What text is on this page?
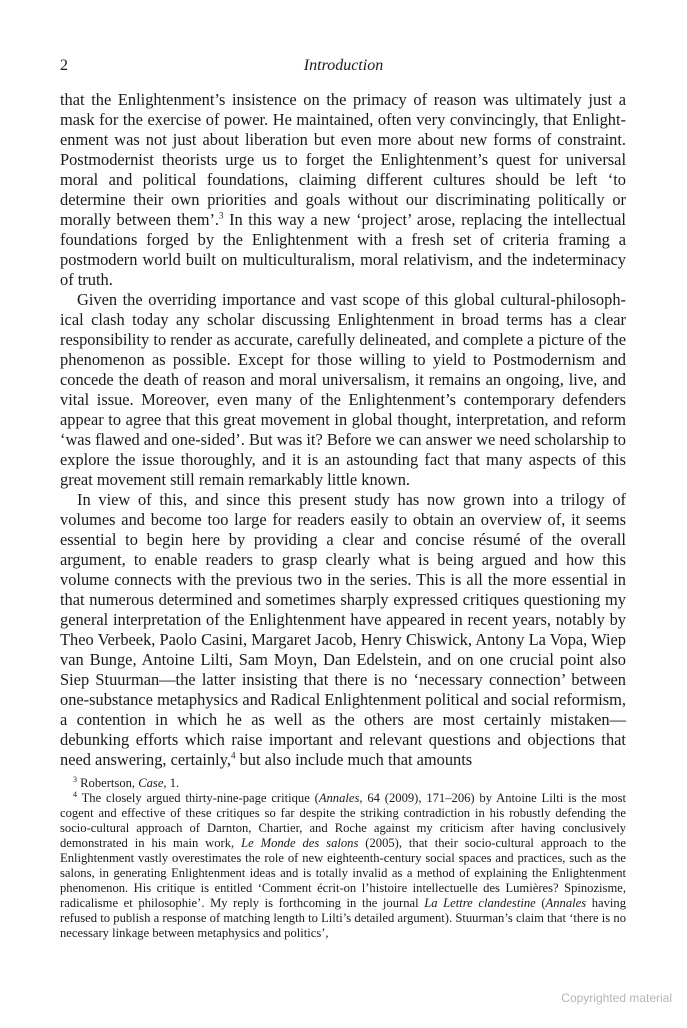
2	Introduction

that the Enlightenment’s insistence on the primacy of reason was ultimately just a mask for the exercise of power. He maintained, often very convincingly, that Enlightenment was not just about liberation but even more about new forms of constraint. Postmodernist theorists urge us to forget the Enlightenment’s quest for universal moral and political foundations, claiming different cultures should be left ‘to determine their own priorities and goals without our discriminating politically or morally between them’.$^3$ In this way a new ‘project’ arose, replacing the intellectual foundations forged by the Enlightenment with a fresh set of criteria framing a postmodern world built on multiculturalism, moral relativism, and the indeterminacy of truth.

Given the overriding importance and vast scope of this global cultural-philosophical clash today any scholar discussing Enlightenment in broad terms has a clear responsibility to render as accurate, carefully delineated, and complete a picture of the phenomenon as possible. Except for those willing to yield to Postmodernism and concede the death of reason and moral universalism, it remains an ongoing, live, and vital issue. Moreover, even many of the Enlightenment’s contemporary defenders appear to agree that this great movement in global thought, interpretation, and reform ‘was flawed and one-sided’. But was it? Before we can answer we need scholarship to explore the issue thoroughly, and it is an astounding fact that many aspects of this great movement still remain remarkably little known.

In view of this, and since this present study has now grown into a trilogy of volumes and become too large for readers easily to obtain an overview of, it seems essential to begin here by providing a clear and concise résumé of the overall argument, to enable readers to grasp clearly what is being argued and how this volume connects with the previous two in the series. This is all the more essential in that numerous determined and sometimes sharply expressed critiques questioning my general interpretation of the Enlightenment have appeared in recent years, notably by Theo Verbeek, Paolo Casini, Margaret Jacob, Henry Chiswick, Antony La Vopa, Wiep van Bunge, Antoine Lilti, Sam Moyn, Dan Edelstein, and on one crucial point also Siep Stuurman—the latter insisting that there is no ‘necessary connection’ between one-substance metaphysics and Radical Enlightenment political and social reformism, a contention in which he as well as the others are most certainly mistaken—debunking efforts which raise important and relevant questions and objections that need answering, certainly,$^4$ but also include much that amounts

$^3$ Robertson, Case, 1.

$^4$ The closely argued thirty-nine-page critique (Annales, 64 (2009), 171–206) by Antoine Lilti is the most cogent and effective of these critiques so far despite the striking contradiction in his robustly defending the socio-cultural approach of Darnton, Chartier, and Roche against my criticism after having conclusively demonstrated in his main work, Le Monde des salons (2005), that their socio-cultural approach to the Enlightenment vastly overestimates the role of new eighteenth-century social spaces and practices, such as the salons, in generating Enlightenment ideas and is totally invalid as a method of explaining the Enlightenment phenomenon. His critique is entitled ‘Comment écrit-on l’histoire intellectuelle des Lumières? Spinozisme, radicalisme et philosophie’. My reply is forthcoming in the journal La Lettre clandestine (Annales having refused to publish a response of matching length to Lilti’s detailed argument). Stuurman’s claim that ‘there is no necessary linkage between metaphysics and politics’,

Copyrighted material
